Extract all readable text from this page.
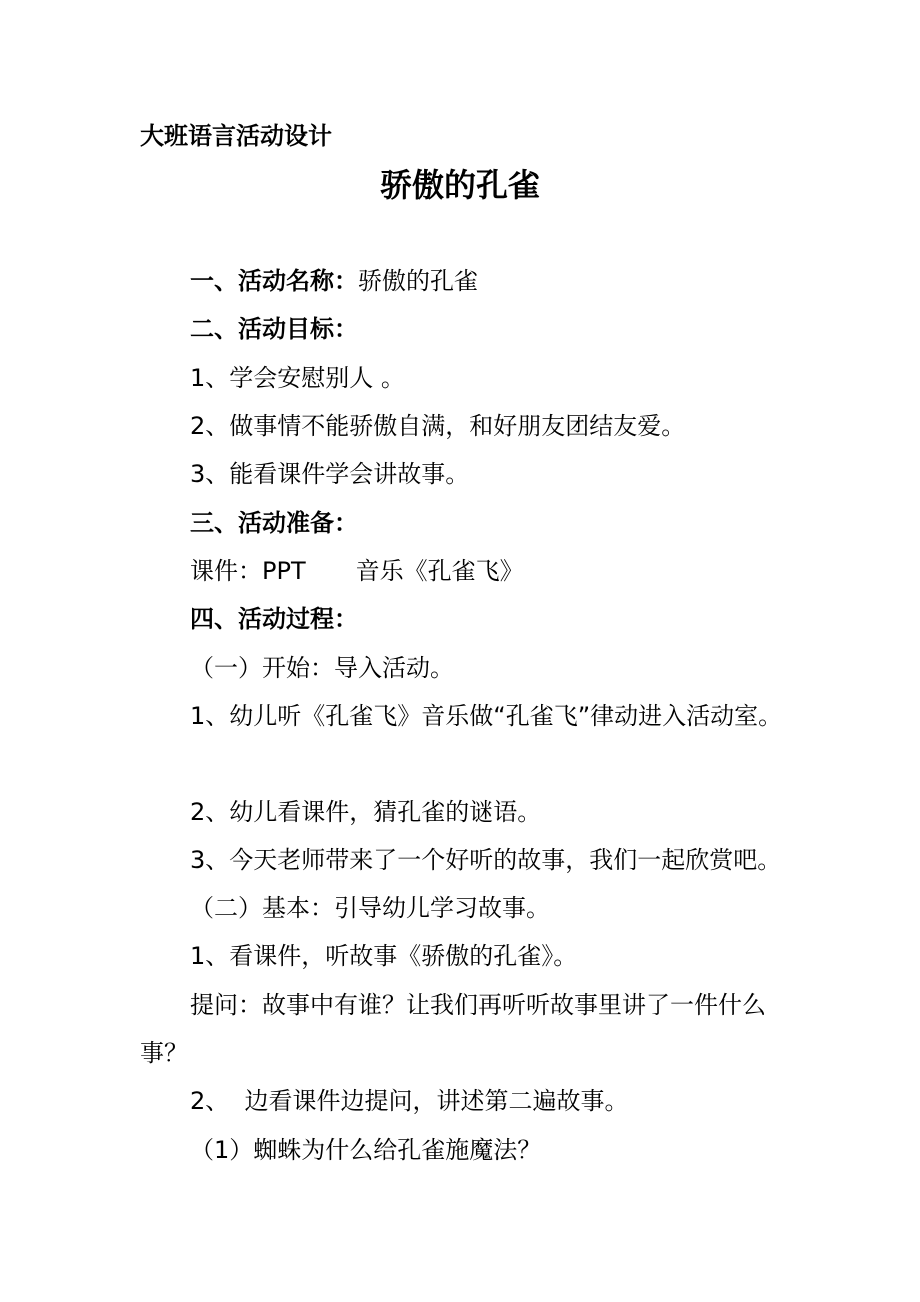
大班语言活动设计
骄傲的孔雀
一、活动名称：骄傲的孔雀
二、活动目标：
1、学会安慰别人 。
2、做事情不能骄傲自满，和好朋友团结友爱。
3、能看课件学会讲故事。
三、活动准备：
课件：PPT 音乐《孔雀飞》
四、活动过程：
（一）开始：导入活动。
1、幼儿听《孔雀飞》音乐做“孔雀飞”律动进入活动室。
2、幼儿看课件，猜孔雀的谜语。
3、今天老师带来了一个好听的故事，我们一起欣赏吧。
（二）基本：引导幼儿学习故事。
1、看课件，听故事《骄傲的孔雀》。
提问：故事中有谁？让我们再听听故事里讲了一件什么事？
2、  边看课件边提问，讲述第二遍故事。
（1）蜘蛛为什么给孔雀施魔法？
